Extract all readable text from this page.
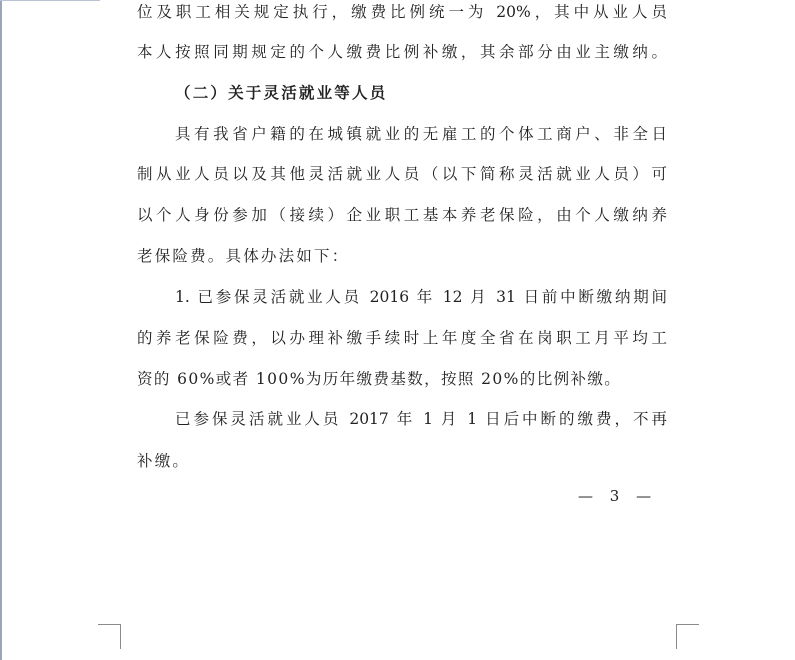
位及职工相关规定执行，缴费比例统一为 20%，其中从业人员
本人按照同期规定的个人缴费比例补缴，其余部分由业主缴纳。
（二）关于灵活就业等人员
具有我省户籍的在城镇就业的无雇工的个体工商户、非全日
制从业人员以及其他灵活就业人员（以下简称灵活就业人员）可
以个人身份参加（接续）企业职工基本养老保险，由个人缴纳养
老保险费。具体办法如下：
1. 已参保灵活就业人员 2016 年 12 月 31 日前中断缴纳期间
的养老保险费，以办理补缴手续时上年度全省在岗职工月平均工
资的 60%或者 100%为历年缴费基数，按照 20%的比例补缴。
已参保灵活就业人员 2017 年 1 月 1 日后中断的缴费，不再
补缴。
— 3 —
